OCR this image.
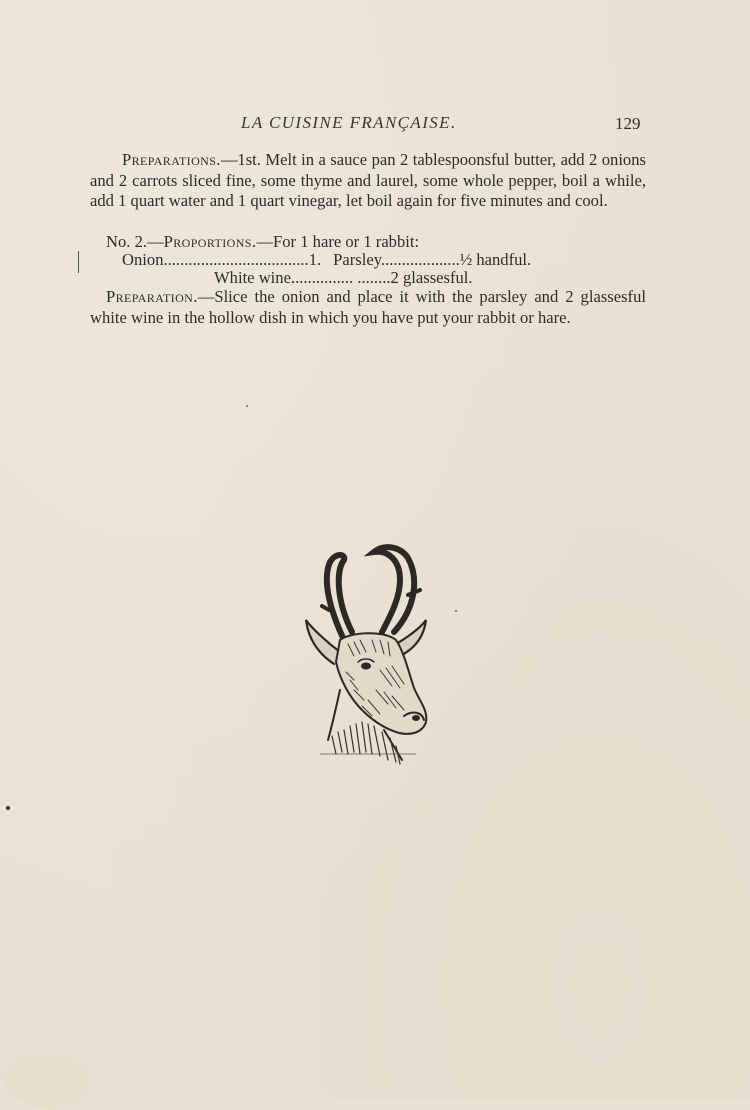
LA CUISINE FRANÇAISE.	129
Preparations.—1st. Melt in a sauce pan 2 tablespoonsful butter, add 2 onions and 2 carrots sliced fine, some thyme and laurel, some whole pepper, boil a while, add 1 quart water and 1 quart vinegar, let boil again for five minutes and cool.
No. 2.—Proportions.—For 1 hare or 1 rabbit:
Onion...................................1. Parsley...................½ handful.
White wine............... ........2 glassesful.
Preparation.—Slice the onion and place it with the parsley and 2 glassesful white wine in the hollow dish in which you have put your rabbit or hare.
